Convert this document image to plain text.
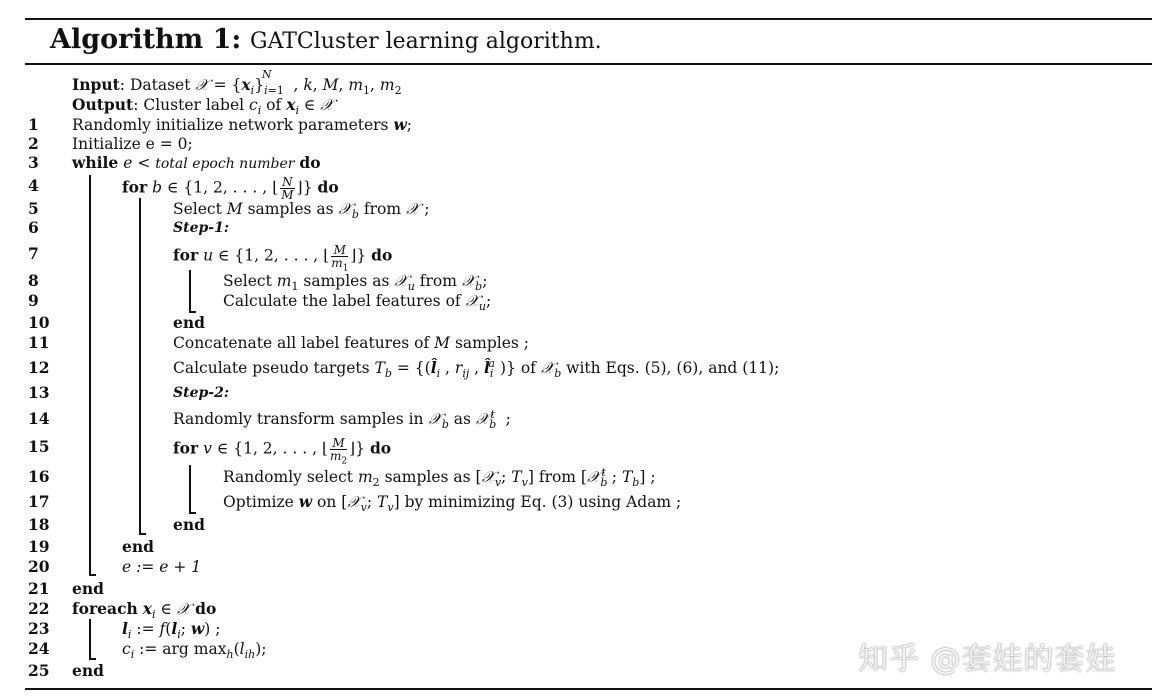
Algorithm 1: GATCluster learning algorithm.
Input: Dataset 𝒳 = $\{𝒙_i\}_{i=1}^N$, k, M, $m_1$, $m_2$
Output: Cluster label $c_i$ of 𝒙$_i$ ∈ 𝒳
1	Randomly initialize network parameters 𝒘;
2	Initialize e = 0;
3	while e < total epoch number do
4	for b ∈ {1, 2, . . . , ⌊ $\frac{N}{M}$ ⌋} do
5	Select M samples as 𝒳$_b$ from 𝒳 ;
6	Step-1:
7	for u ∈ {1, 2, . . . , ⌊ $\frac{M}{m_1}$ ⌋} do
8	Select $m_1$ samples as 𝒳$_u$ from 𝒳$_b$;
9	Calculate the label features of 𝒳$_u$;
10	end
11	Concatenate all label features of M samples ;
12	Calculate pseudo targets $T_b$ = {($l̂_i$ , $r_{ij}$ , $l̂_i^a$ )} of 𝒳$_b$ with Eqs. (5), (6), and (11);
13	Step-2:
14	Randomly transform samples in 𝒳$_b$ as 𝒳$_b^t$ ;
15	for v ∈ {1, 2, . . . , ⌊ $\frac{M}{m_2}$ ⌋} do
16	Randomly select $m_2$ samples as [𝒳$_v$; $T_v$] from [𝒳$_b^t$ ; $T_b$] ;
17	Optimize 𝒘 on [𝒳$_v$; $T_v$] by minimizing Eq. (3) using Adam ;
18	end
19	end
20	e := e + 1
21	end
22	foreach 𝒙$_i$ ∈ 𝒳 do
23	𝒍$_i$ := f(𝒍$_i$; 𝒘) ;
24	$c_i$ := arg $\max_h(l_{ih})$;
25	end	知乎 @套娃的套娃
